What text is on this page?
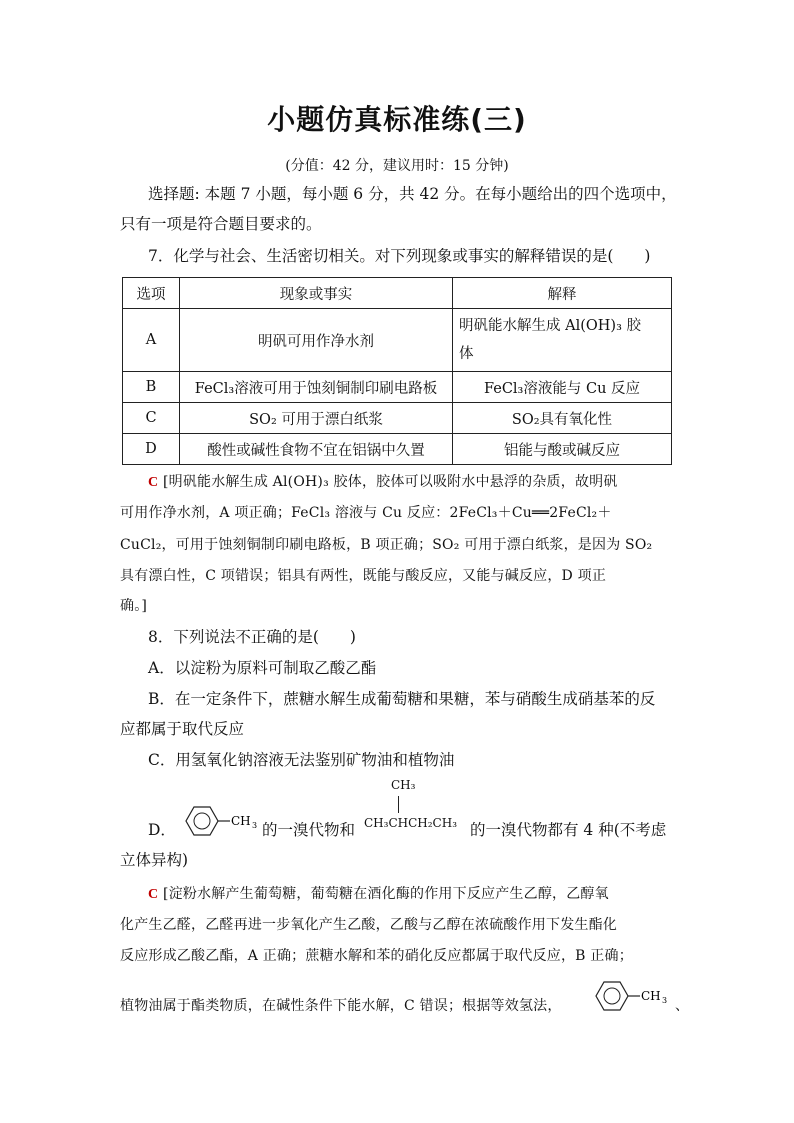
小题仿真标准练(三)
(分值：42 分，建议用时：15 分钟)
选择题: 本题 7 小题，每小题 6 分，共 42 分。在每小题给出的四个选项中，
只有一项是符合题目要求的。
7．化学与社会、生活密切相关。对下列现象或事实的解释错误的是(　　)
选项	现象或事实	解释
A	明矾可用作净水剂	明矾能水解生成 Al(OH)₃ 胶
体

B	FeCl₃溶液可用于蚀刻铜制印刷电路板	FeCl₃溶液能与 Cu 反应
C	SO₂ 可用于漂白纸浆	SO₂具有氧化性
D	酸性或碱性食物不宜在铝锅中久置	铝能与酸或碱反应
C [明矾能水解生成 Al(OH)₃ 胶体，胶体可以吸附水中悬浮的杂质，故明矾
可用作净水剂，A 项正确；FeCl₃ 溶液与 Cu 反应：2FeCl₃＋Cu══2FeCl₂＋
CuCl₂，可用于蚀刻铜制印刷电路板，B 项正确；SO₂ 可用于漂白纸浆，是因为 SO₂
具有漂白性，C 项错误；铝具有两性，既能与酸反应，又能与碱反应，D 项正
确。]
8．下列说法不正确的是(　　)
A．以淀粉为原料可制取乙酸乙酯
B．在一定条件下，蔗糖水解生成葡萄糖和果糖，苯与硝酸生成硝基苯的反
应都属于取代反应
C．用氢氧化钠溶液无法鉴别矿物油和植物油
D．	CH 3 的一溴代物和
CH₃
CH₃CHCH₂CH₃ 的一溴代物都有 4 种(不考虑
立体异构)
C [淀粉水解产生葡萄糖，葡萄糖在酒化酶的作用下反应产生乙醇，乙醇氧
化产生乙醛，乙醛再进一步氧化产生乙酸，乙酸与乙醇在浓硫酸作用下发生酯化
反应形成乙酸乙酯，A 正确；蔗糖水解和苯的硝化反应都属于取代反应，B 正确；
植物油属于酯类物质，在碱性条件下能水解，C 错误；根据等效氢法，
CH 3 、
